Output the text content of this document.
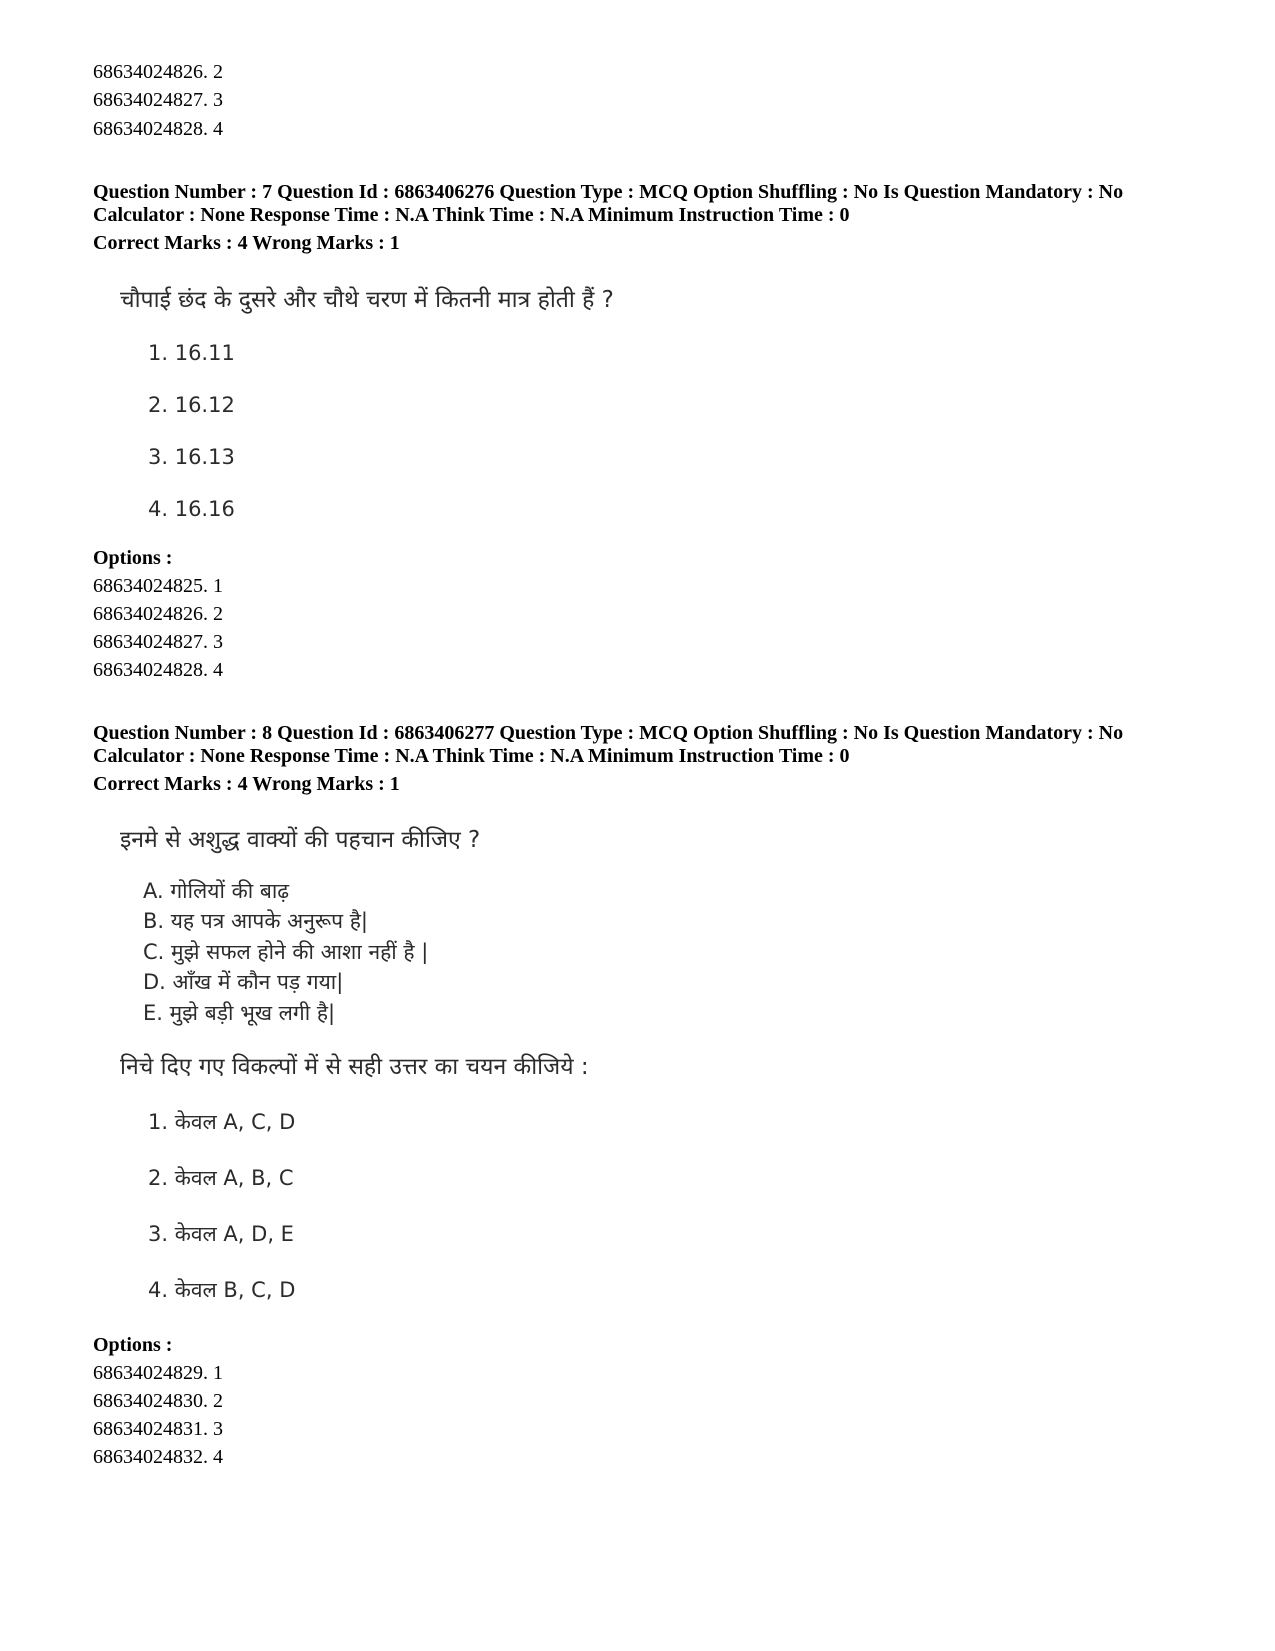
68634024826. 2
68634024827. 3
68634024828. 4
Question Number : 7 Question Id : 6863406276 Question Type : MCQ Option Shuffling : No Is Question Mandatory : No
Calculator : None Response Time : N.A Think Time : N.A Minimum Instruction Time : 0
Correct Marks : 4 Wrong Marks : 1
चौपाई छंद के दुसरे और चौथे चरण में कितनी मात्र होती हैं ?
1. 16.11
2. 16.12
3. 16.13
4. 16.16
Options :
68634024825. 1
68634024826. 2
68634024827. 3
68634024828. 4
Question Number : 8 Question Id : 6863406277 Question Type : MCQ Option Shuffling : No Is Question Mandatory : No
Calculator : None Response Time : N.A Think Time : N.A Minimum Instruction Time : 0
Correct Marks : 4 Wrong Marks : 1
इनमे से अशुद्ध वाक्यों की पहचान कीजिए ?
A. गोलियों की बाढ़
B. यह पत्र आपके अनुरूप है|
C. मुझे सफल होने की आशा नहीं है |
D. आँख में कौन पड़ गया|
E. मुझे बड़ी भूख लगी है|
निचे दिए गए विकल्पों में से सही उत्तर का चयन कीजिये :
1. केवल A, C, D
2. केवल A, B, C
3. केवल A, D, E
4. केवल B, C, D
Options :
68634024829. 1
68634024830. 2
68634024831. 3
68634024832. 4
